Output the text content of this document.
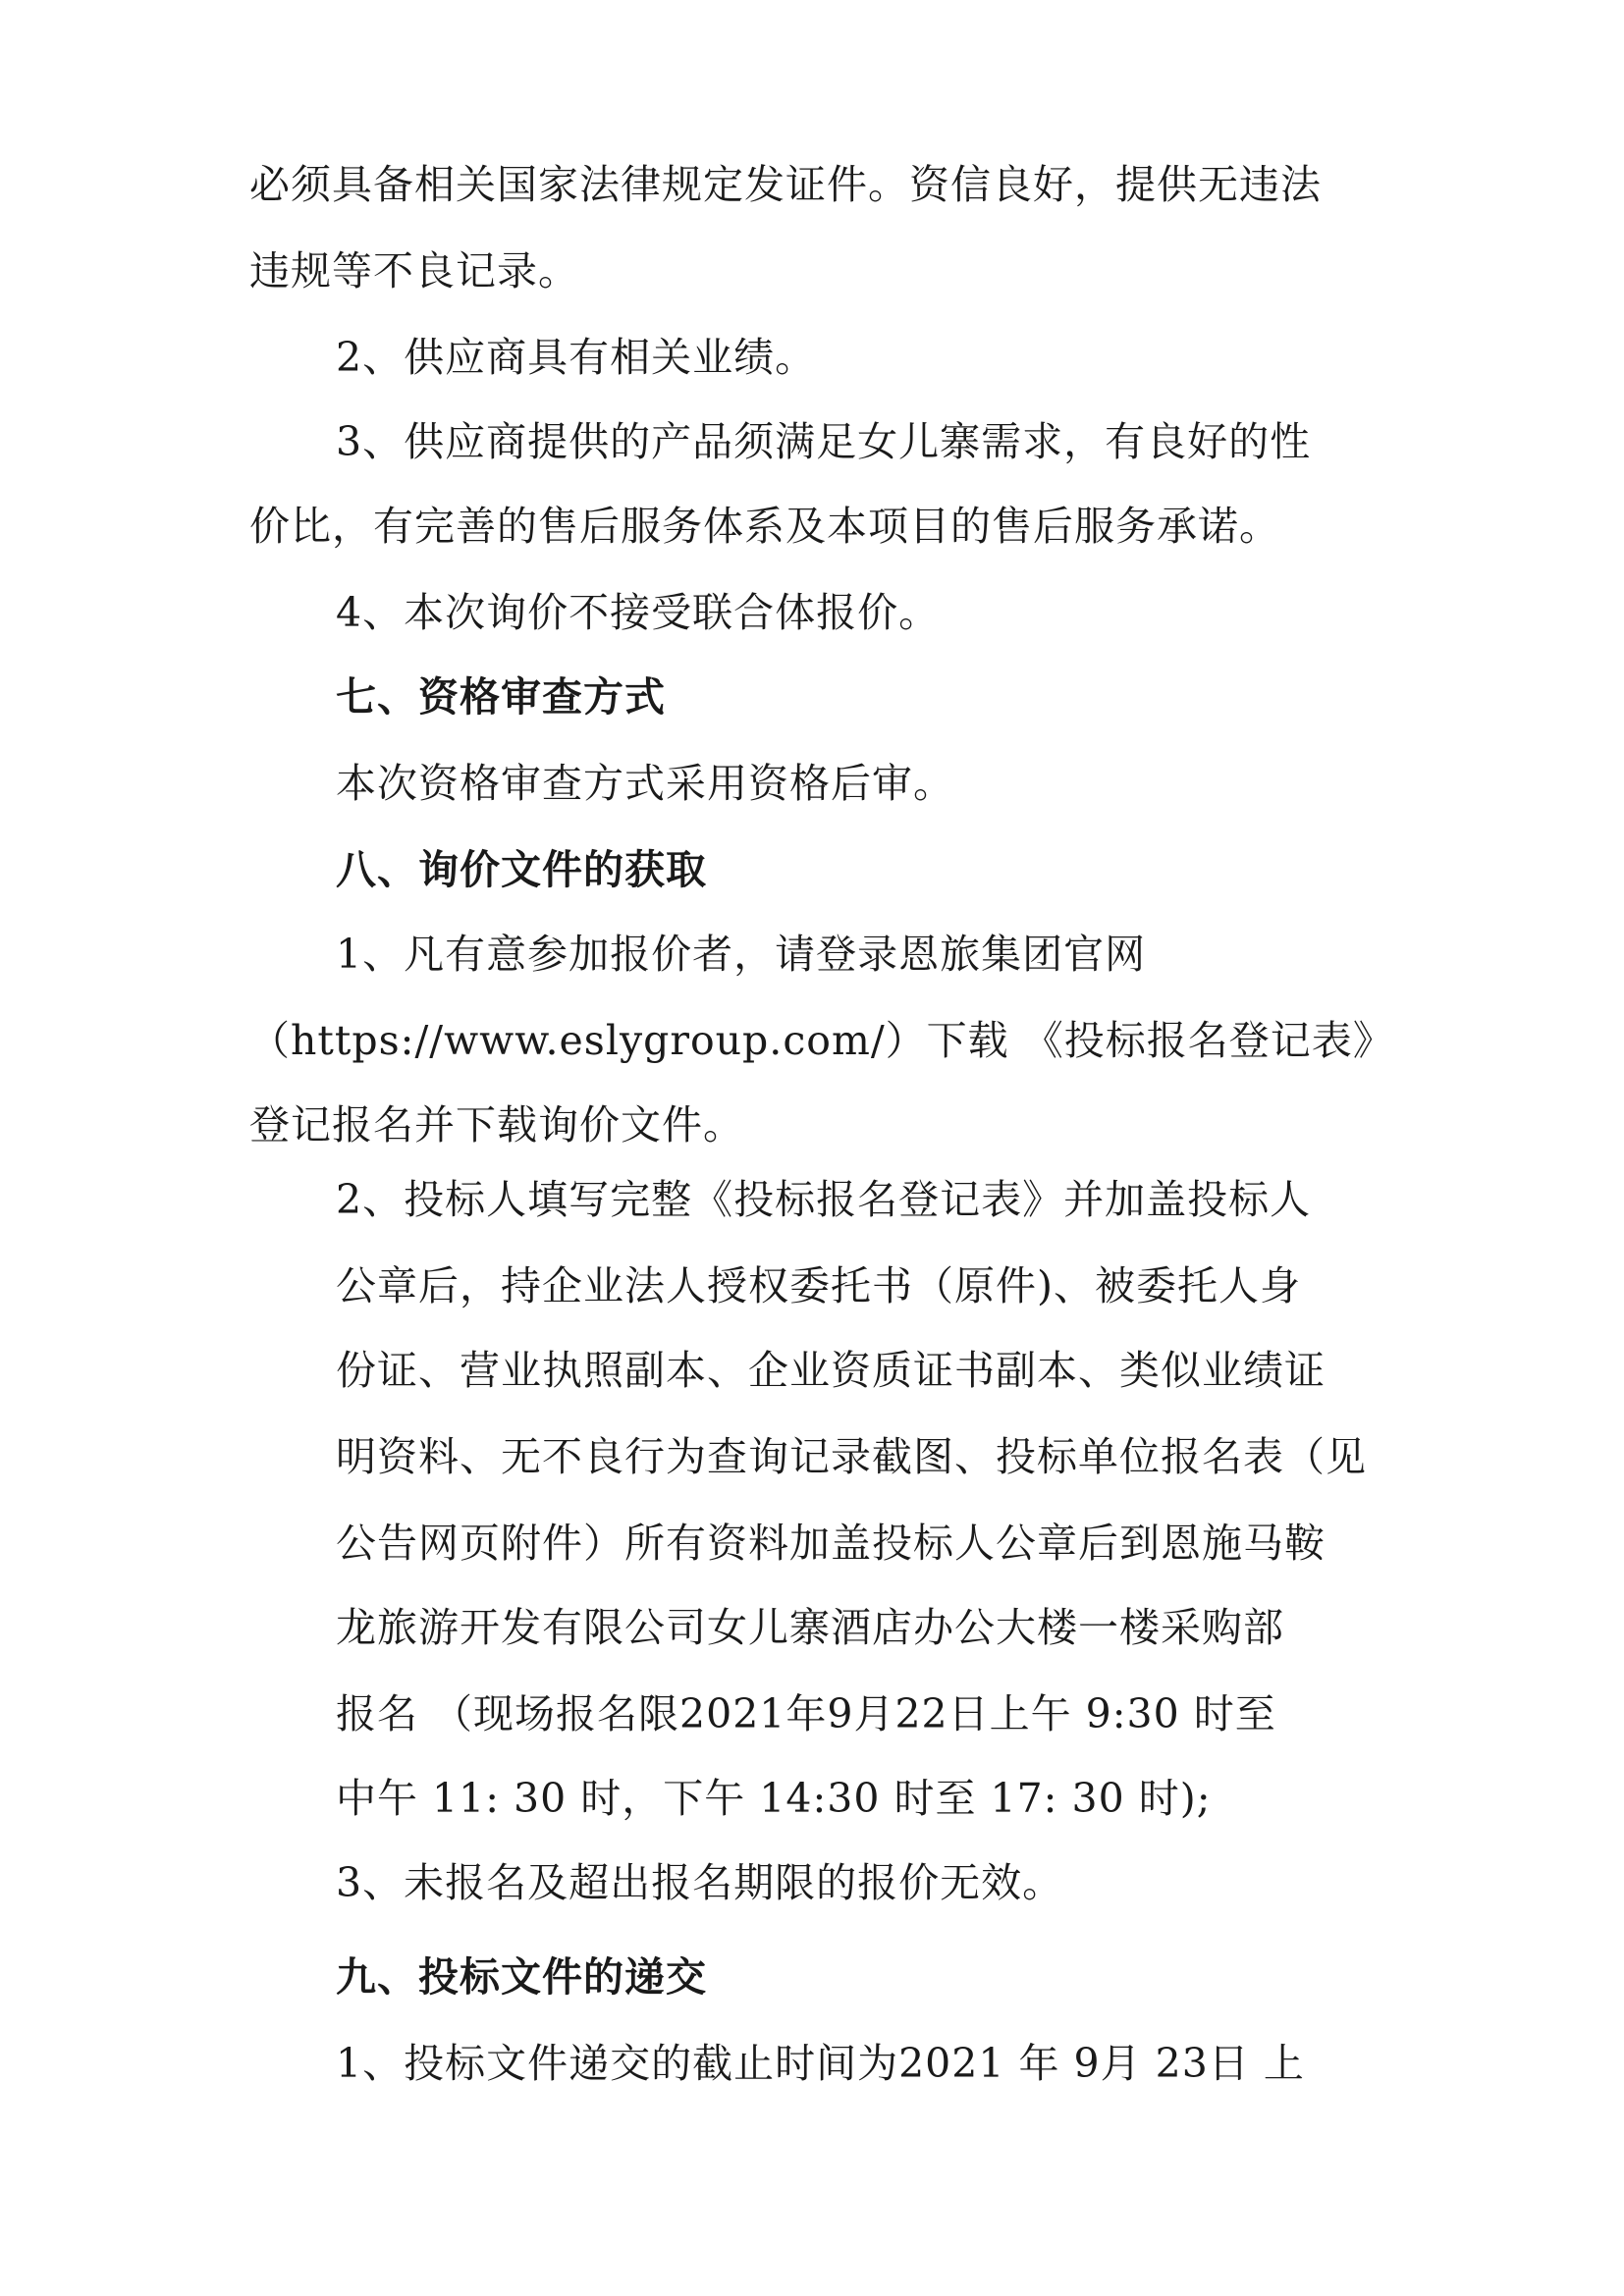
必须具备相关国家法律规定发证件。资信良好，提供无违法

违规等不良记录。

2、供应商具有相关业绩。

3、供应商提供的产品须满足女儿寨需求，有良好的性

价比，有完善的售后服务体系及本项目的售后服务承诺。

4、本次询价不接受联合体报价。

七、资格审查方式

本次资格审查方式采用资格后审。

八、询价文件的获取

1、凡有意参加报价者，请登录恩旅集团官网

（https://www.eslygroup.com/）下载 《投标报名登记表》

登记报名并下载询价文件。

2、投标人填写完整《投标报名登记表》并加盖投标人

公章后，持企业法人授权委托书（原件)、被委托人身

份证、营业执照副本、企业资质证书副本、类似业绩证

明资料、无不良行为查询记录截图、投标单位报名表（见

公告网页附件）所有资料加盖投标人公章后到恩施马鞍

龙旅游开发有限公司女儿寨酒店办公大楼一楼采购部

报名 （现场报名限2021年9月22日上午 9:30 时至

中午 11: 30 时，下午 14:30 时至 17: 30 时);

3、未报名及超出报名期限的报价无效。

九、投标文件的递交

1、投标文件递交的截止时间为2021 年 9月 23日 上
